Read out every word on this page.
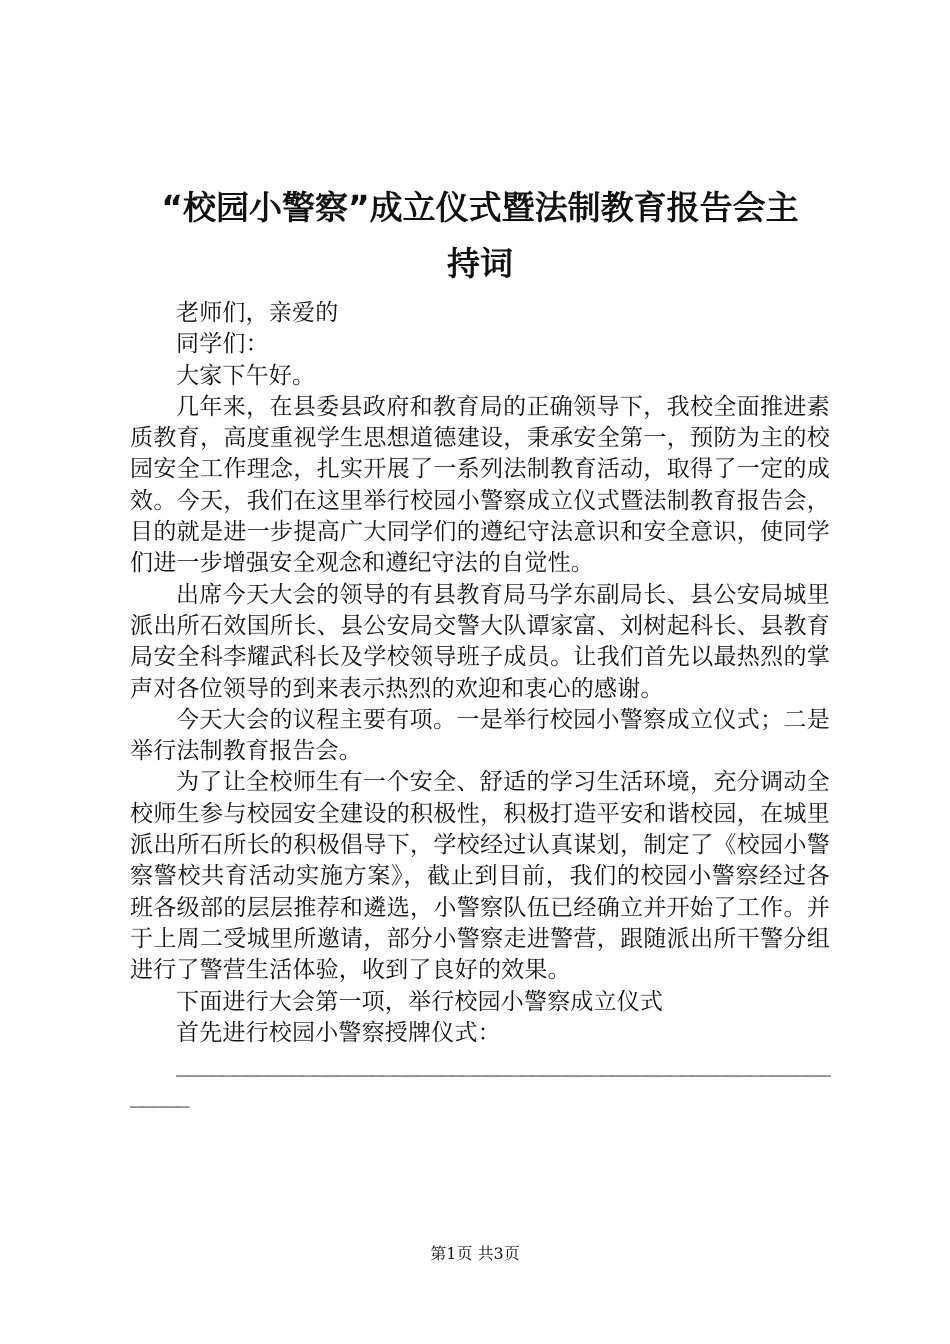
“校园小警察”成立仪式暨法制教育报告会主
持词

老师们，亲爱的

同学们：

大家下午好。

几年来，在县委县政府和教育局的正确领导下，我校全面推进素质教育，高度重视学生思想道德建设，秉承安全第一，预防为主的校园安全工作理念，扎实开展了一系列法制教育活动，取得了一定的成效。今天，我们在这里举行校园小警察成立仪式暨法制教育报告会，目的就是进一步提高广大同学们的遵纪守法意识和安全意识，使同学们进一步增强安全观念和遵纪守法的自觉性。

出席今天大会的领导的有县教育局马学东副局长、县公安局城里派出所石效国所长、县公安局交警大队谭家富、刘树起科长、县教育局安全科李耀武科长及学校领导班子成员。让我们首先以最热烈的掌声对各位领导的到来表示热烈的欢迎和衷心的感谢。

今天大会的议程主要有项。一是举行校园小警察成立仪式；二是举行法制教育报告会。

为了让全校师生有一个安全、舒适的学习生活环境，充分调动全校师生参与校园安全建设的积极性，积极打造平安和谐校园，在城里派出所石所长的积极倡导下，学校经过认真谋划，制定了《校园小警察警校共育活动实施方案》，截止到目前，我们的校园小警察经过各班各级部的层层推荐和遴选，小警察队伍已经确立并开始了工作。并于上周二受城里所邀请，部分小警察走进警营，跟随派出所干警分组进行了警营生活体验，收到了良好的效果。

下面进行大会第一项，举行校园小警察成立仪式

首先进行校园小警察授牌仪式：

______________________________________________________________

第1页 共3页
